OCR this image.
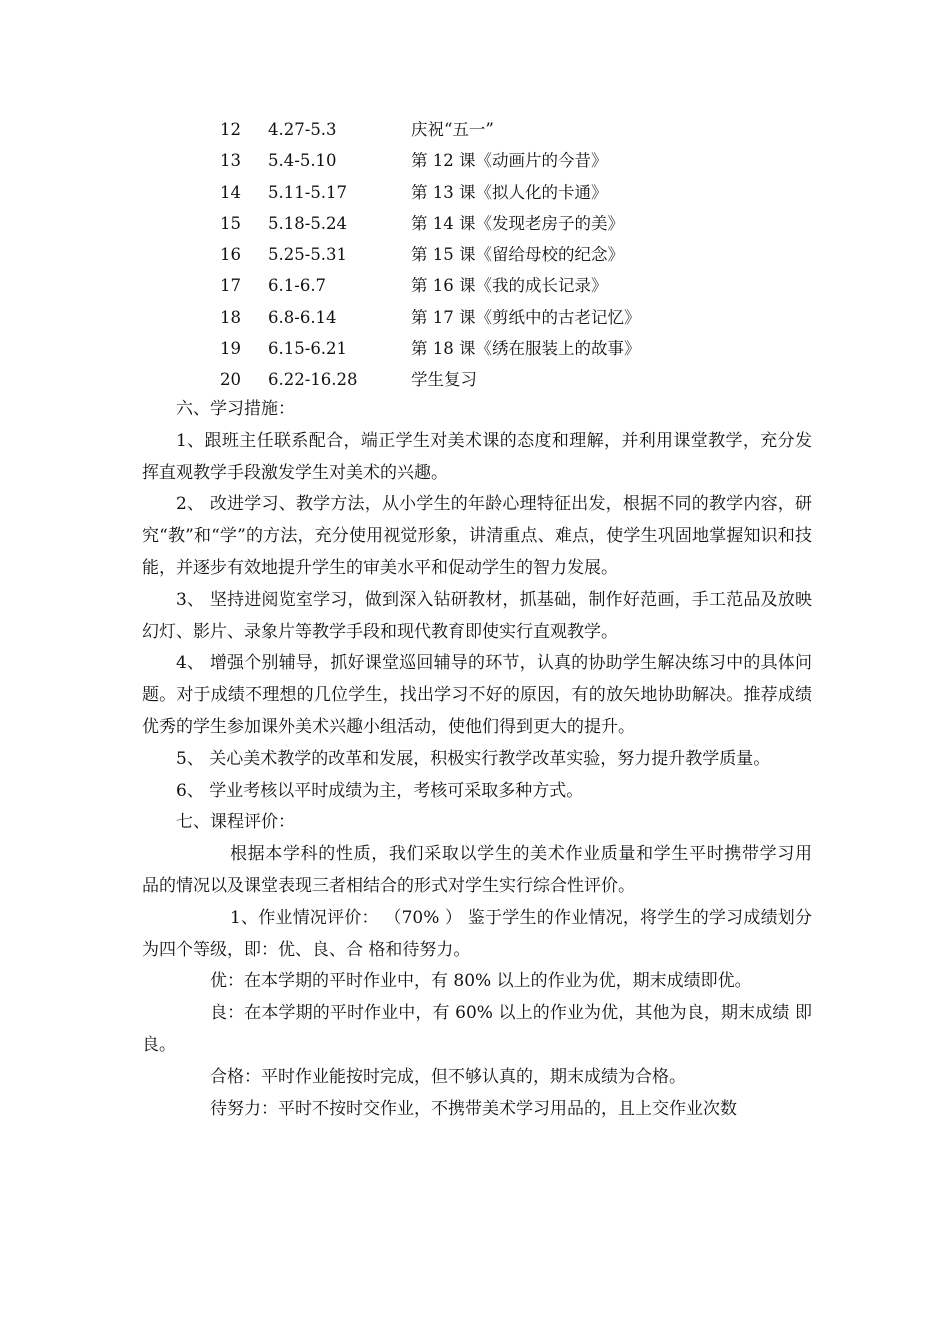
12 4.27-5.3	庆祝“五一”
13 5.4-5.10	第 12 课《动画片的今昔》
14 5.11-5.17	第 13 课《拟人化的卡通》
15 5.18-5.24	第 14 课《发现老房子的美》
16 5.25-5.31	第 15 课《留给母校的纪念》
17 6.1-6.7	第 16 课《我的成长记录》
18 6.8-6.14	第 17 课《剪纸中的古老记忆》
19 6.15-6.21	第 18 课《绣在服装上的故事》
20 6.22-16.28	学生复习

六、学习措施：

1、跟班主任联系配合，端正学生对美术课的态度和理解，并利用课堂教学，充分发挥直观教学手段激发学生对美术的兴趣。

2、 改进学习、教学方法，从小学生的年龄心理特征出发，根据不同的教学内容，研究“教”和“学”的方法，充分使用视觉形象，讲清重点、难点，使学生巩固地掌握知识和技能，并逐步有效地提升学生的审美水平和促动学生的智力发展。

3、 坚持进阅览室学习，做到深入钻研教材，抓基础，制作好范画，手工范品及放映幻灯、影片、录象片等教学手段和现代教育即使实行直观教学。

4、 增强个别辅导，抓好课堂巡回辅导的环节，认真的协助学生解决练习中的具体问题。对于成绩不理想的几位学生，找出学习不好的原因，有的放矢地协助解决。推荐成绩优秀的学生参加课外美术兴趣小组活动，使他们得到更大的提升。

5、 关心美术教学的改革和发展，积极实行教学改革实验，努力提升教学质量。

6、 学业考核以平时成绩为主，考核可采取多种方式。

七、课程评价：

根据本学科的性质，我们采取以学生的美术作业质量和学生平时携带学习用 品的情况以及课堂表现三者相结合的形式对学生实行综合性评价。

1、作业情况评价： （70% ） 鉴于学生的作业情况，将学生的学习成绩划分为四个等级，即：优、良、合 格和待努力。

优：在本学期的平时作业中，有 80% 以上的作业为优，期末成绩即优。

良：在本学期的平时作业中，有 60% 以上的作业为优，其他为良，期末成绩 即良。

合格：平时作业能按时完成，但不够认真的，期末成绩为合格。

待努力：平时不按时交作业，不携带美术学习用品的，且上交作业次数
